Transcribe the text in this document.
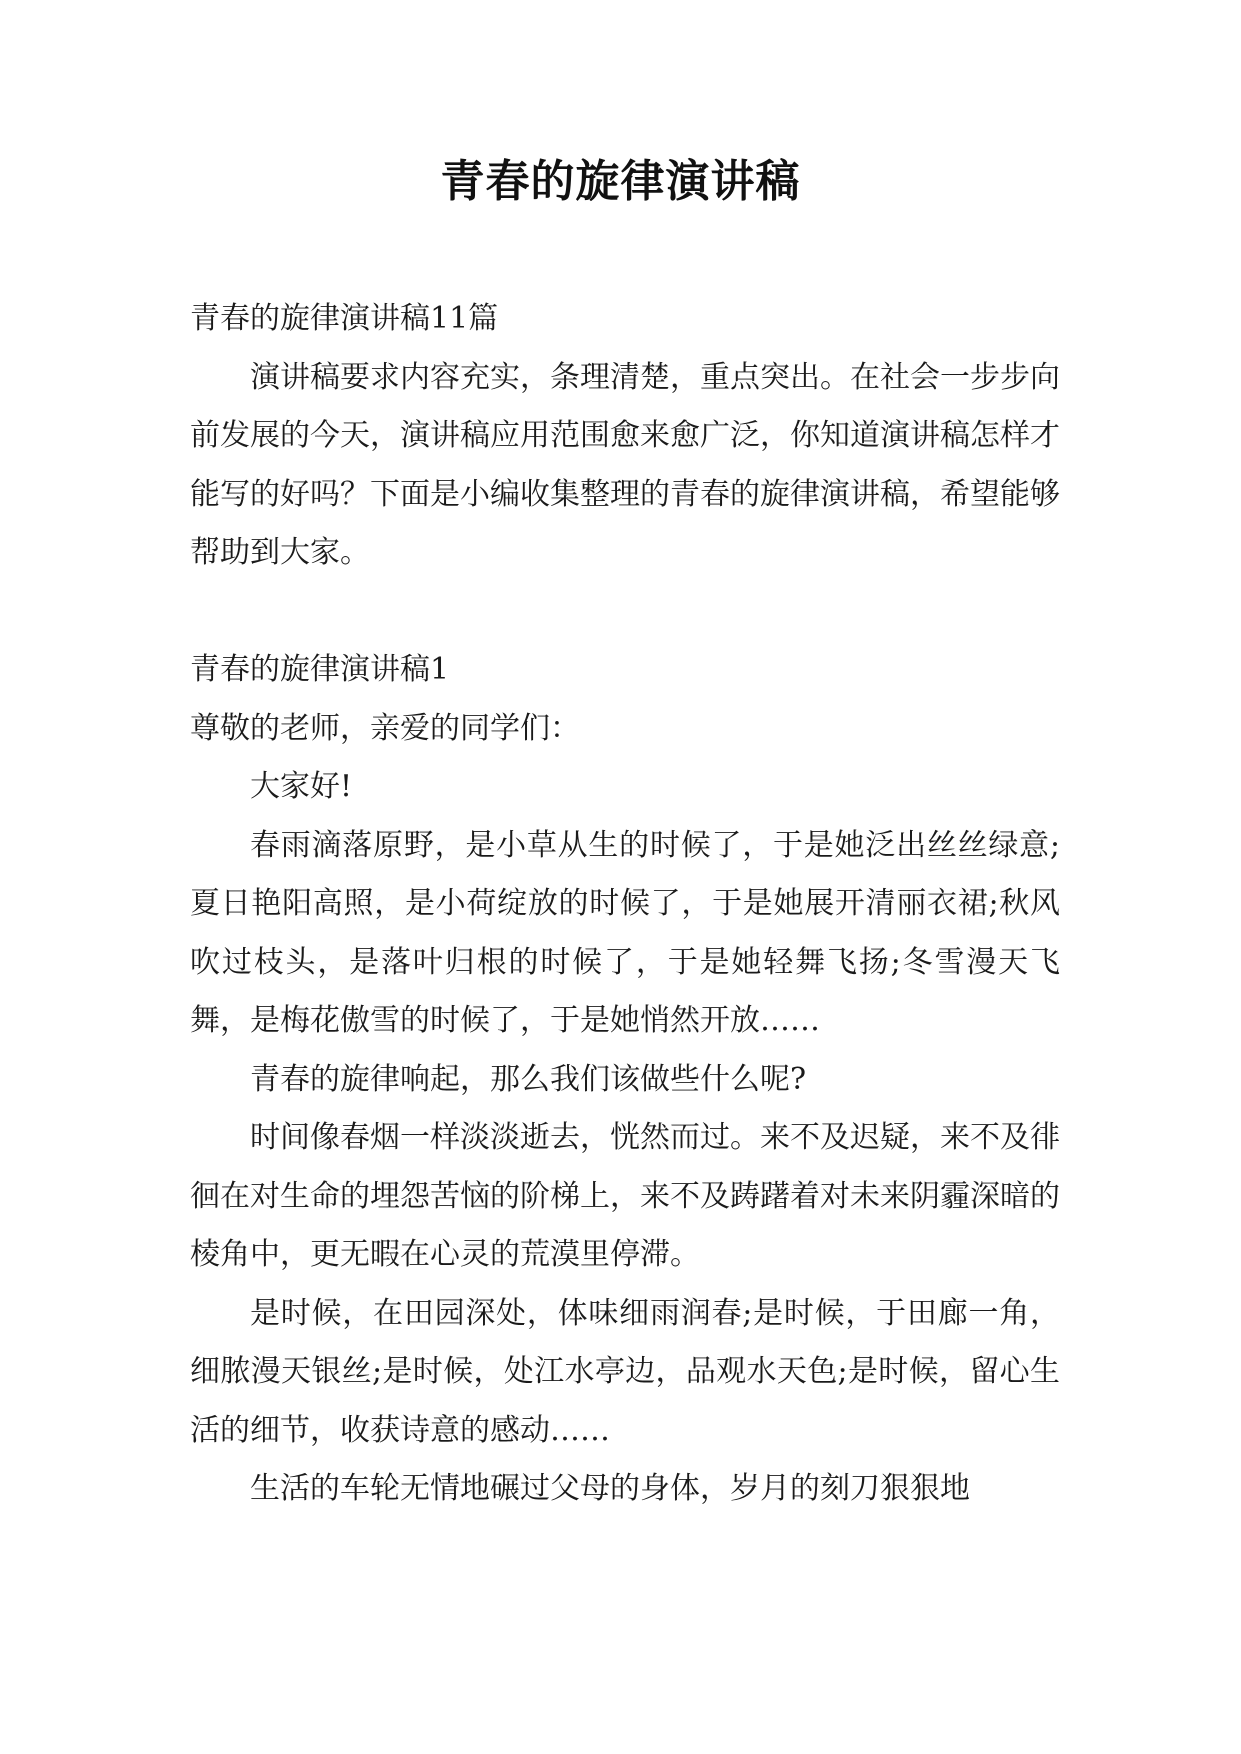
青春的旋律演讲稿
青春的旋律演讲稿11篇

演讲稿要求内容充实，条理清楚，重点突出。在社会一步步向前发展的今天，演讲稿应用范围愈来愈广泛，你知道演讲稿怎样才能写的好吗？下面是小编收集整理的青春的旋律演讲稿，希望能够帮助到大家。

青春的旋律演讲稿1
尊敬的老师，亲爱的同学们：

大家好!

春雨滴落原野，是小草从生的时候了，于是她泛出丝丝绿意;夏日艳阳高照，是小荷绽放的时候了，于是她展开清丽衣裙;秋风吹过枝头，是落叶归根的时候了，于是她轻舞飞扬;冬雪漫天飞舞，是梅花傲雪的时候了，于是她悄然开放……

青春的旋律响起，那么我们该做些什么呢?

时间像春烟一样淡淡逝去，恍然而过。来不及迟疑，来不及徘徊在对生命的埋怨苦恼的阶梯上，来不及踌躇着对未来阴霾深暗的棱角中，更无暇在心灵的荒漠里停滞。

是时候，在田园深处，体味细雨润春;是时候，于田廊一角，细脓漫天银丝;是时候，处江水亭边，品观水天色;是时候，留心生活的细节，收获诗意的感动……

生活的车轮无情地碾过父母的身体，岁月的刻刀狠狠地
